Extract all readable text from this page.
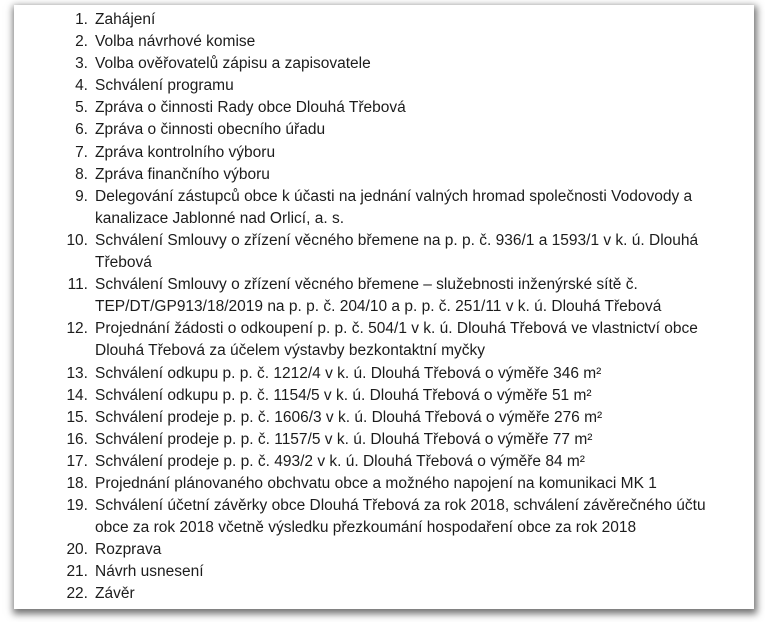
1. Zahájení
2. Volba návrhové komise
3. Volba ověřovatelů zápisu a zapisovatele
4. Schválení programu
5. Zpráva o činnosti Rady obce Dlouhá Třebová
6. Zpráva o činnosti obecního úřadu
7. Zpráva kontrolního výboru
8. Zpráva finančního výboru
9. Delegování zástupců obce k účasti na jednání valných hromad společnosti Vodovody a kanalizace Jablonné nad Orlicí, a. s.
10. Schválení Smlouvy o zřízení věcného břemene na p. p. č. 936/1 a 1593/1 v k. ú. Dlouhá Třebová
11. Schválení Smlouvy o zřízení věcného břemene – služebnosti inženýrské sítě č. TEP/DT/GP913/18/2019 na p. p. č. 204/10 a p. p. č. 251/11 v k. ú. Dlouhá Třebová
12. Projednání žádosti o odkoupení p. p. č. 504/1 v k. ú. Dlouhá Třebová ve vlastnictví obce Dlouhá Třebová za účelem výstavby bezkontaktní myčky
13. Schválení odkupu p. p. č. 1212/4 v k. ú. Dlouhá Třebová o výměře 346 m²
14. Schválení odkupu p. p. č. 1154/5 v k. ú. Dlouhá Třebová o výměře 51 m²
15. Schválení prodeje p. p. č. 1606/3 v k. ú. Dlouhá Třebová o výměře 276 m²
16. Schválení prodeje p. p. č. 1157/5 v k. ú. Dlouhá Třebová o výměře 77 m²
17. Schválení prodeje p. p. č. 493/2 v k. ú. Dlouhá Třebová o výměře 84 m²
18. Projednání plánovaného obchvatu obce a možného napojení na komunikaci MK 1
19. Schválení účetní závěrky obce Dlouhá Třebová za rok 2018, schválení závěrečného účtu obce za rok 2018 včetně výsledku přezkoumání hospodaření obce za rok 2018
20. Rozprava
21. Návrh usnesení
22. Závěr
